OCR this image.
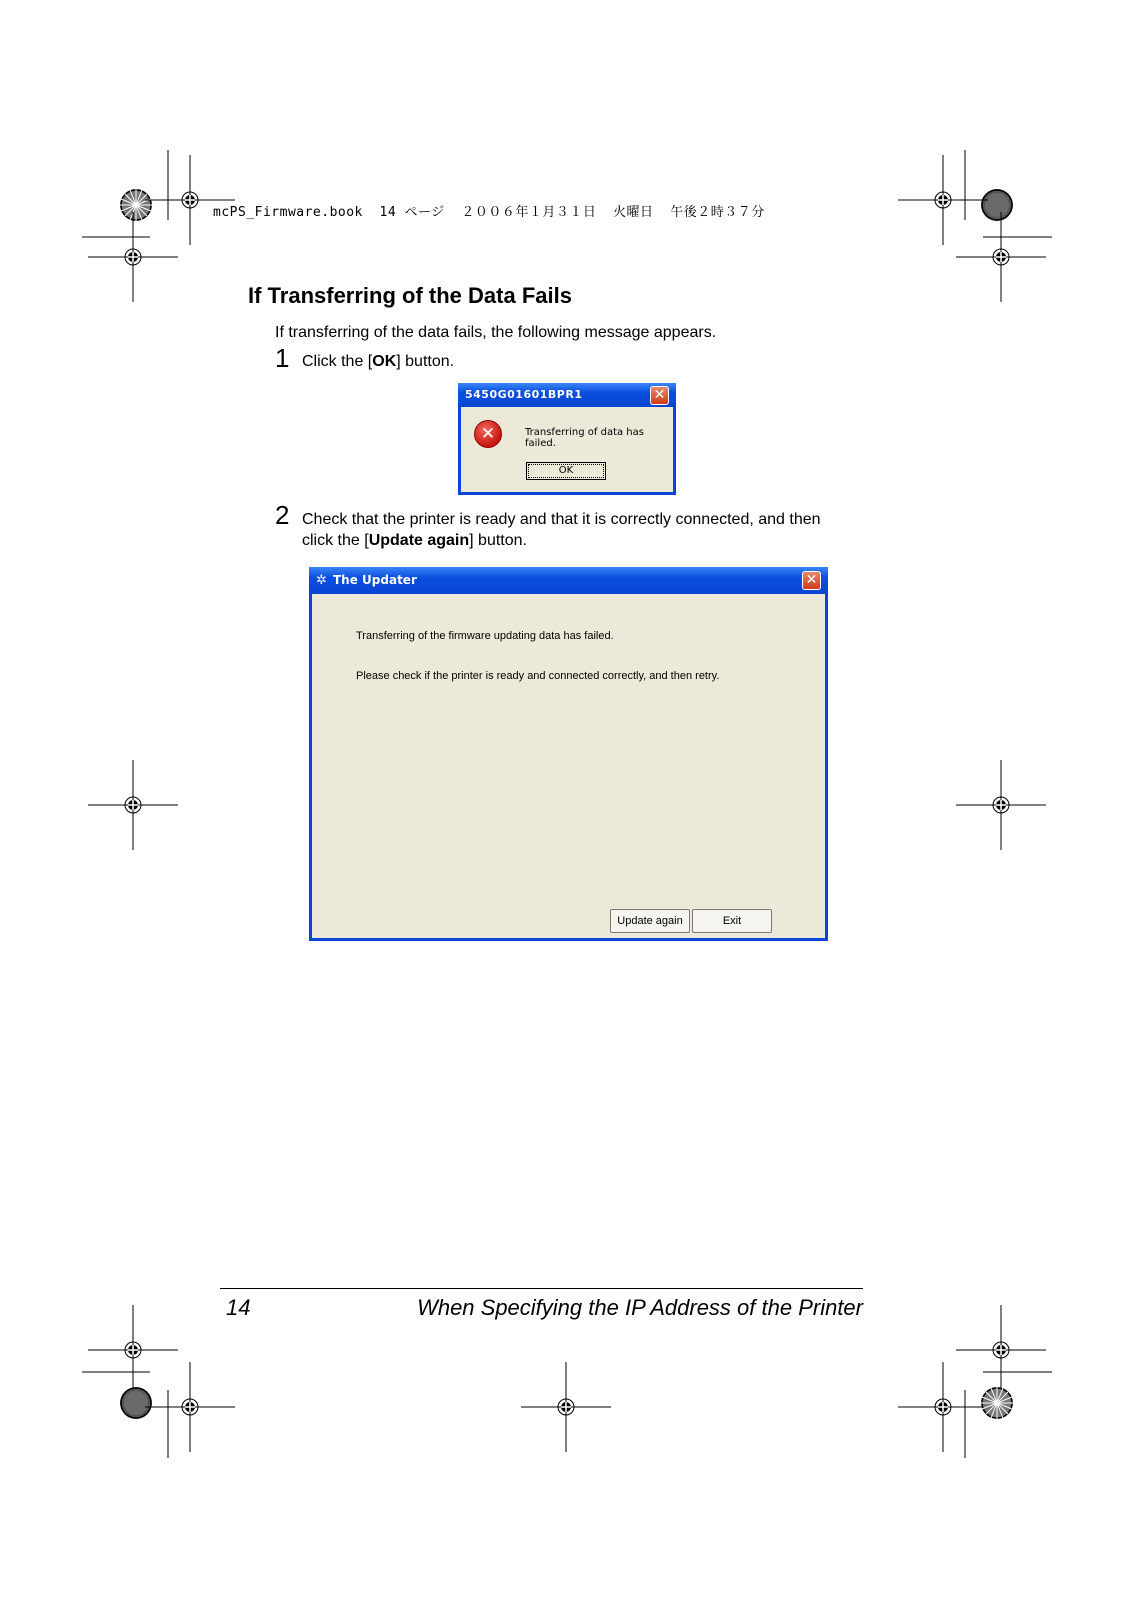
mcPS_Firmware.book  14 ページ  ２００６年１月３１日  火曜日  午後２時３７分
If Transferring of the Data Fails
If transferring of the data fails, the following message appears.
1 Click the [OK] button.
5450G01601BPR1	✕
✕	Transferring of data has failed.
OK
2 Check that the printer is ready and that it is correctly connected, and then
click the [Update again] button.
✲ The Updater	✕
Transferring of the firmware updating data has failed.
Please check if the printer is ready and connected correctly, and then retry.
Update again	Exit
14	When Specifying the IP Address of the Printer
